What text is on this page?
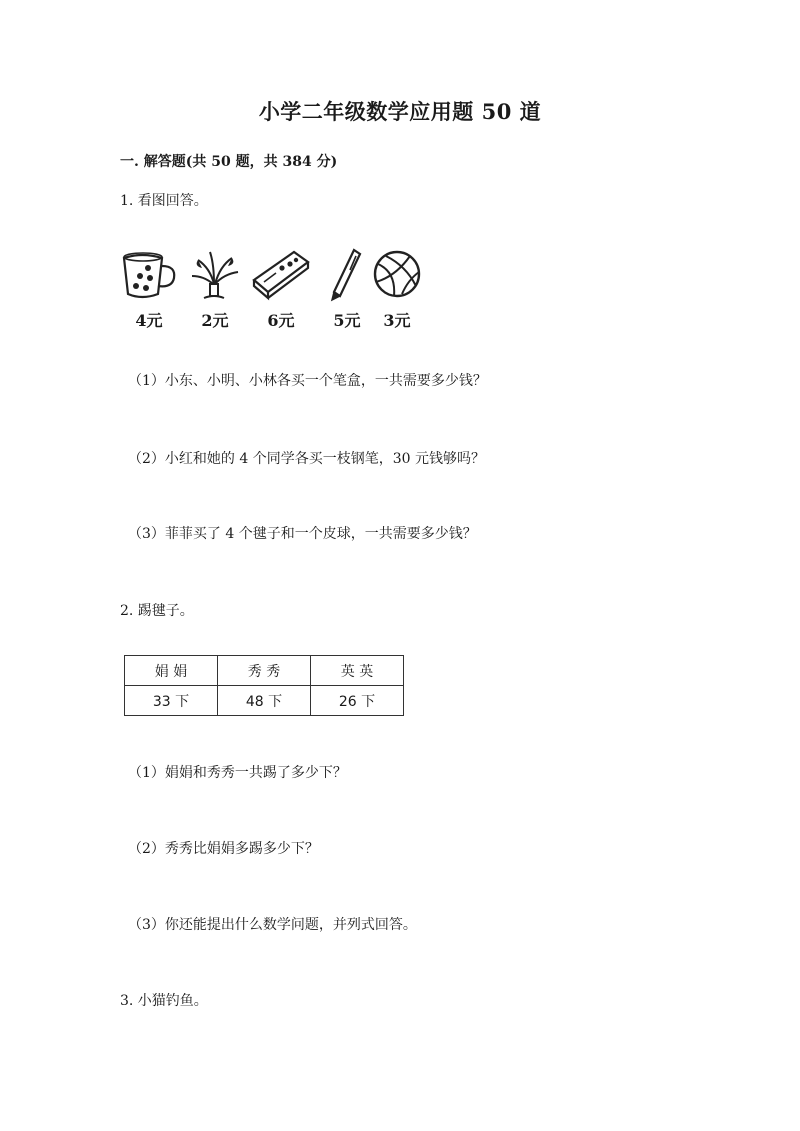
小学二年级数学应用题 50 道
一. 解答题(共 50 题，共 384 分)
1. 看图回答。
4元	2元	6元	5元	3元
（1）小东、小明、小林各买一个笔盒，一共需要多少钱？
（2）小红和她的 4 个同学各买一枝钢笔，30 元钱够吗？
（3）菲菲买了 4 个毽子和一个皮球，一共需要多少钱？
2. 踢毽子。
娟 娟	秀 秀	英 英
33 下	48 下	26 下
（1）娟娟和秀秀一共踢了多少下？
（2）秀秀比娟娟多踢多少下？
（3）你还能提出什么数学问题，并列式回答。
3. 小猫钓鱼。
